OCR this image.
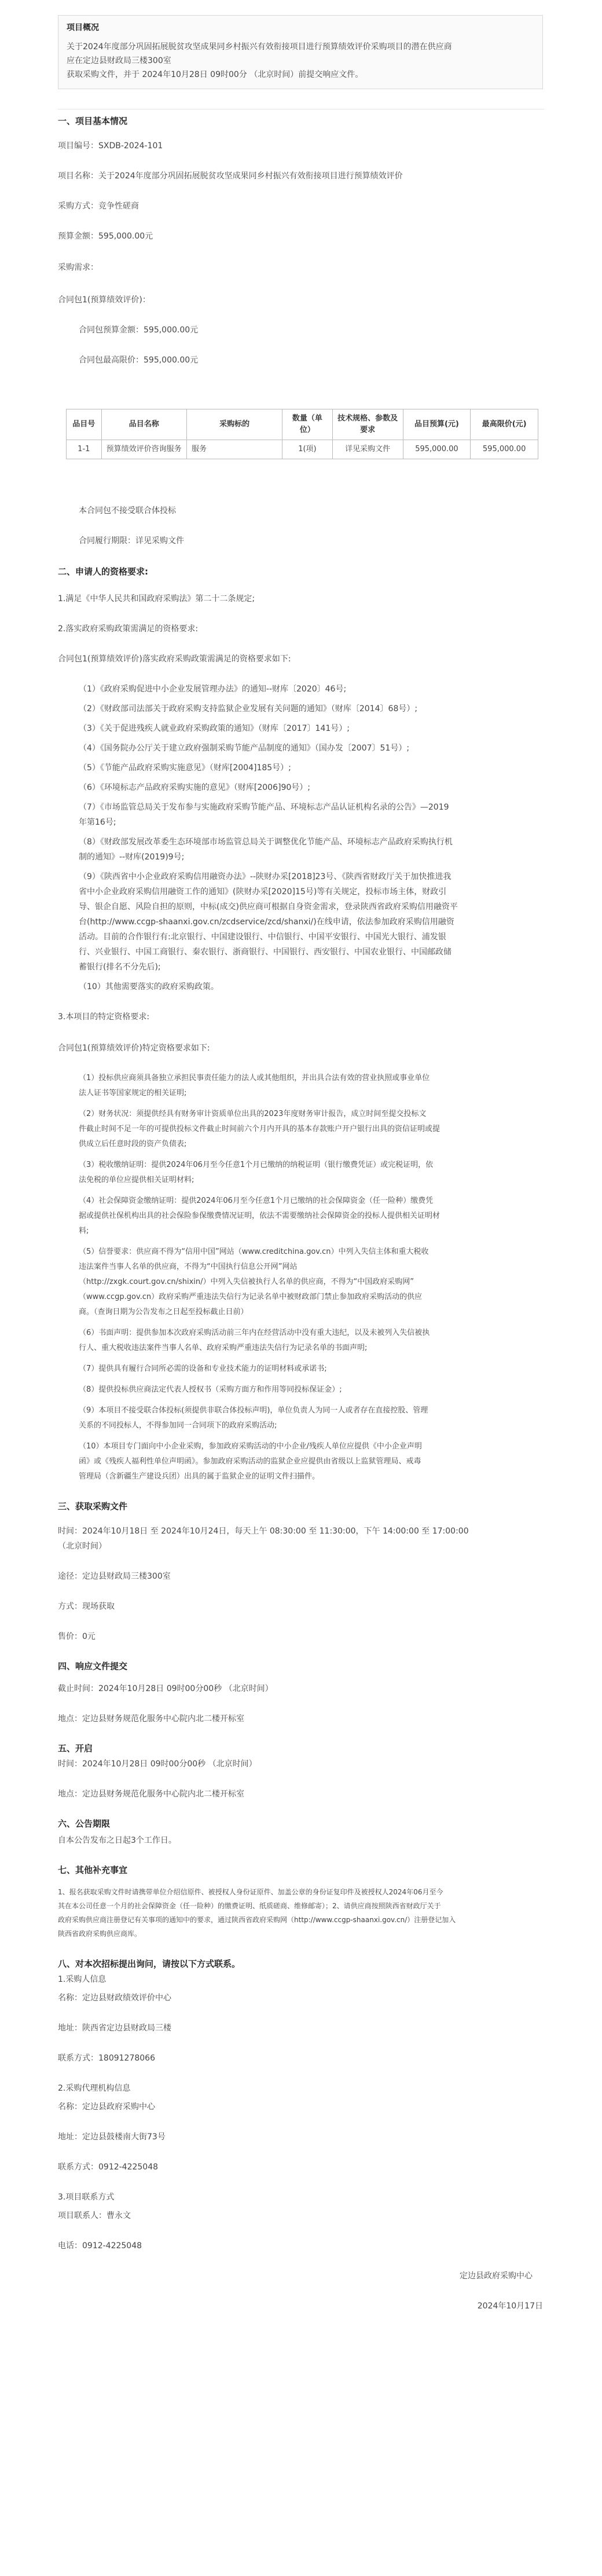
项目概况
关于2024年度部分巩固拓展脱贫攻坚成果同乡村振兴有效衔接项目进行预算绩效评价采购项目的潜在供应商
应在定边县财政局三楼300室
获取采购文件，并于 2024年10月28日 09时00分 （北京时间）前提交响应文件。
一、项目基本情况
项目编号：SXDB-2024-101
项目名称：关于2024年度部分巩固拓展脱贫攻坚成果同乡村振兴有效衔接项目进行预算绩效评价
采购方式：竞争性磋商
预算金额：595,000.00元
采购需求：
合同包1(预算绩效评价)：
合同包预算金额：595,000.00元
合同包最高限价：595,000.00元
品目号	品目名称	采购标的	数量（单位）	技术规格、参数及要求	品目预算(元)	最高限价(元)
1-1	预算绩效评价咨询服务	服务	1(项)	详见采购文件	595,000.00	595,000.00
本合同包不接受联合体投标
合同履行期限：详见采购文件
二、申请人的资格要求:
1.满足《中华人民共和国政府采购法》第二十二条规定;
2.落实政府采购政策需满足的资格要求:
合同包1(预算绩效评价)落实政府采购政策需满足的资格要求如下:
（1）《政府采购促进中小企业发展管理办法》的通知--财库〔2020〕46号;
（2）《财政部司法部关于政府采购支持监狱企业发展有关问题的通知》（财库〔2014〕68号）;
（3）《关于促进残疾人就业政府采购政策的通知》（财库〔2017〕141号）;
（4）《国务院办公厅关于建立政府强制采购节能产品制度的通知》（国办发〔2007〕51号）;
（5）《节能产品政府采购实施意见》（财库[2004]185号）;
（6）《环境标志产品政府采购实施的意见》（财库[2006]90号）;
（7）《市场监管总局关于发布参与实施政府采购节能产品、环境标志产品认证机构名录的公告》—2019
年第16号;
（8）《财政部发展改革委生态环境部市场监管总局关于调整优化节能产品、环境标志产品政府采购执行机
制的通知》--财库(2019)9号;
（9）《陕西省中小企业政府采购信用融资办法》--陕财办采[2018]23号、《陕西省财政厅关于加快推进我
省中小企业政府采购信用融资工作的通知》(陕财办采[2020]15号)等有关规定，投标市场主体，财政引
导、银企自愿、风险自担的原则，中标(成交)供应商可根据自身资金需求，登录陕西省政府采购信用融资平
台(http://www.ccgp-shaanxi.gov.cn/zcdservice/zcd/shanxi/)在线申请，依法参加政府采购信用融资
活动。目前的合作银行有:北京银行、中国建设银行、中信银行、中国平安银行、中国光大银行、浦发银
行、兴业银行、中国工商银行、秦农银行、浙商银行、中国银行、西安银行、中国农业银行、中国邮政储
蓄银行(排名不分先后);
（10）其他需要落实的政府采购政策。
3.本项目的特定资格要求:
合同包1(预算绩效评价)特定资格要求如下:
（1）投标供应商须具备独立承担民事责任能力的法人或其他组织，并出具合法有效的营业执照或事业单位
法人证书等国家规定的相关证明;
（2）财务状况：须提供经具有财务审计资质单位出具的2023年度财务审计报告，成立时间至提交投标文
件截止时间不足一年的可提供投标文件截止时间前六个月内开具的基本存款账户开户银行出具的资信证明或提
供成立后任意时段的资产负债表;
（3）税收缴纳证明：提供2024年06月至今任意1个月已缴纳的纳税证明（银行缴费凭证）或完税证明，依
法免税的单位应提供相关证明材料;
（4）社会保障资金缴纳证明：提供2024年06月至今任意1个月已缴纳的社会保障资金（任一险种）缴费凭
据或提供社保机构出具的社会保险参保缴费情况证明，依法不需要缴纳社会保障资金的投标人提供相关证明材
料;
（5）信誉要求：供应商不得为“信用中国”网站（www.creditchina.gov.cn）中列入失信主体和重大税收
违法案件当事人名单的供应商，不得为“中国执行信息公开网”网站
（http://zxgk.court.gov.cn/shixin/）中列入失信被执行人名单的供应商，不得为“中国政府采购网”
（www.ccgp.gov.cn）政府采购严重违法失信行为记录名单中被财政部门禁止参加政府采购活动的供应
商。（查询日期为公告发布之日起至投标截止日前）
（6）书面声明：提供参加本次政府采购活动前三年内在经营活动中没有重大违纪，以及未被列入失信被执
行人、重大税收违法案件当事人名单、政府采购严重违法失信行为记录名单的书面声明;
（7）提供具有履行合同所必需的设备和专业技术能力的证明材料或承诺书;
（8）提供投标供应商法定代表人授权书（采购方面方和作用等同投标保证金）;
（9）本项目不接受联合体投标(须提供非联合体投标声明)，单位负责人为同一人或者存在直接控股、管理
关系的不同投标人，不得参加同一合同项下的政府采购活动;
（10）本项目专门面向中小企业采购，参加政府采购活动的中小企业/残疾人单位应提供《中小企业声明
函》或《残疾人福利性单位声明函》。参加政府采购活动的监狱企业应提供由省级以上监狱管理局、戒毒
管理局（含新疆生产建设兵团）出具的属于监狱企业的证明文件扫描件。
三、获取采购文件
时间：2024年10月18日 至 2024年10月24日，每天上午 08:30:00 至 11:30:00，下午 14:00:00 至 17:00:00
（北京时间）
途径：定边县财政局三楼300室
方式：现场获取
售价：0元
四、响应文件提交
截止时间：2024年10月28日 09时00分00秒 （北京时间）
地点：定边县财务规范化服务中心院内北二楼开标室
五、开启
时间：2024年10月28日 09时00分00秒 （北京时间）
地点：定边县财务规范化服务中心院内北二楼开标室
六、公告期限
自本公告发布之日起3个工作日。
七、其他补充事宜
1、报名获取采购文件时请携带单位介绍信原件、被授权人身份证原件、加盖公章的身份证复印件及被授权人2024年06月至今
其在本公司任意一个月的社会保障资金（任一险种）的缴费证明、纸质磋商、维修邮寄）；2、请供应商按照陕西省财政厅关于
政府采购供应商注册登记有关事项的通知中的要求，通过陕西省政府采购网（http://www.ccgp-shaanxi.gov.cn/）注册登记加入
陕西省政府采购供应商库。
八、对本次招标提出询问，请按以下方式联系。
1.采购人信息
名称：定边县财政绩效评价中心
地址：陕西省定边县财政局三楼
联系方式：18091278066
2.采购代理机构信息
名称：定边县政府采购中心
地址：定边县鼓楼南大街73号
联系方式：0912-4225048
3.项目联系方式
项目联系人：曹永文
电话：0912-4225048
定边县政府采购中心
2024年10月17日
